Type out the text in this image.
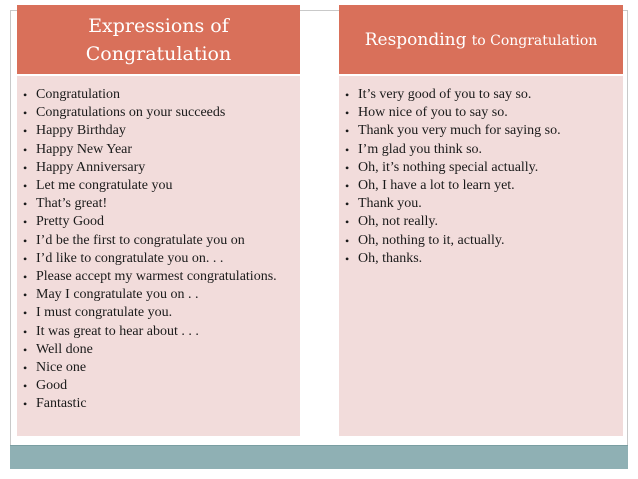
Expressions of
Congratulation
• Congratulation
• Congratulations on your succeeds
• Happy Birthday
• Happy New Year
• Happy Anniversary
• Let me congratulate you
• That’s great!
• Pretty Good
• I’d be the first to congratulate you on
• I’d like to congratulate you on. . .
• Please accept my warmest congratulations.
• May I congratulate you on . .
• I must congratulate you.
• It was great to hear about . . .
• Well done
• Nice one
• Good
• Fantastic
Responding to Congratulation
• It’s very good of you to say so.
• How nice of you to say so.
• Thank you very much for saying so.
• I’m glad you think so.
• Oh, it’s nothing special actually.
• Oh, I have a lot to learn yet.
• Thank you.
• Oh, not really.
• Oh, nothing to it, actually.
• Oh, thanks.
